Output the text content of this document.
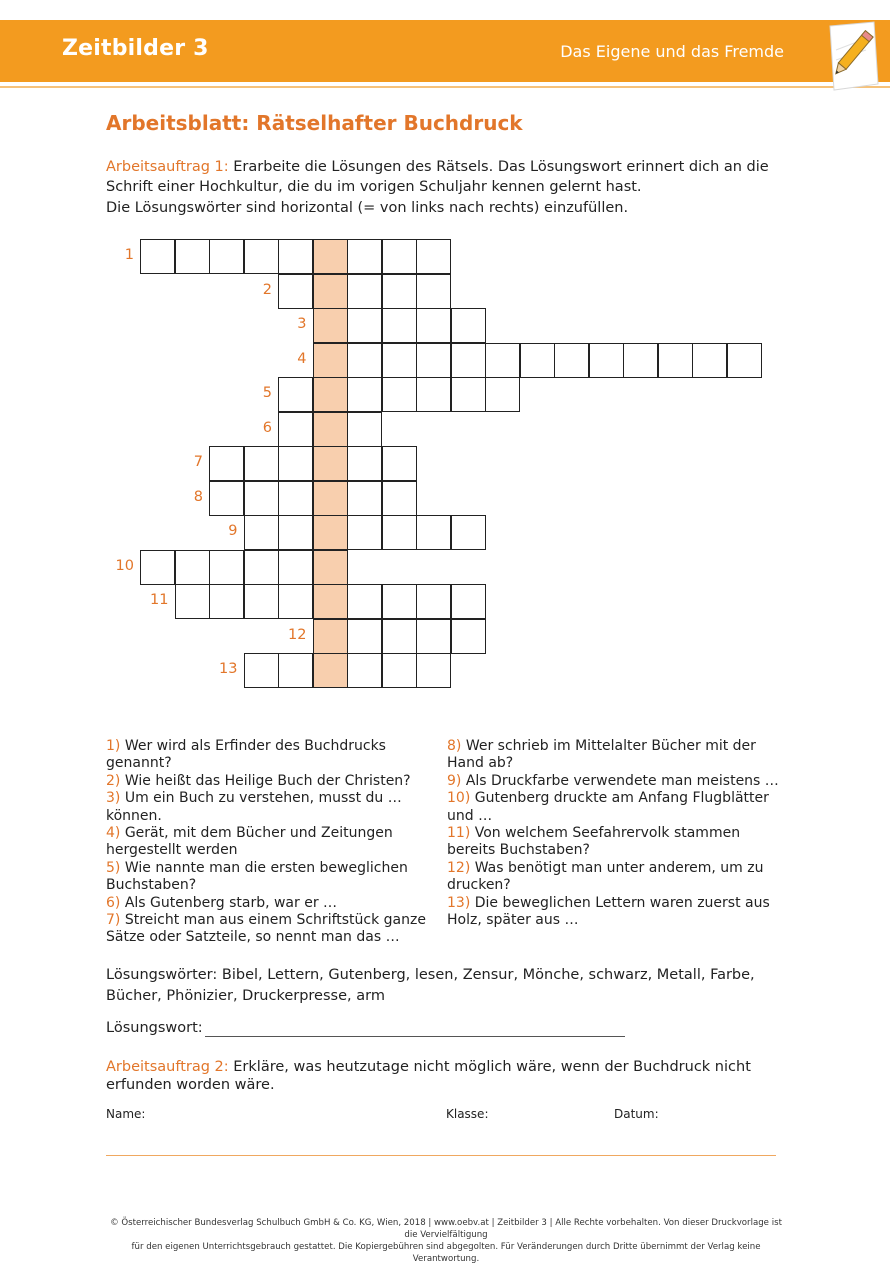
Zeitbilder 3	Das Eigene und das Fremde
Arbeitsblatt: Rätselhafter Buchdruck
Arbeitsauftrag 1: Erarbeite die Lösungen des Rätsels. Das Lösungswort erinnert dich an die Schrift einer Hochkultur, die du im vorigen Schuljahr kennen gelernt hast.
Die Lösungswörter sind horizontal (= von links nach rechts) einzufüllen.
1
2
3
4
5
6
7
8
9
10
11
12
13
1) Wer wird als Erfinder des Buchdrucks
genannt?
2) Wie heißt das Heilige Buch der Christen?
3) Um ein Buch zu verstehen, musst du …
können.
4) Gerät, mit dem Bücher und Zeitungen
hergestellt werden
5) Wie nannte man die ersten beweglichen
Buchstaben?
6) Als Gutenberg starb, war er …
7) Streicht man aus einem Schriftstück ganze
Sätze oder Satzteile, so nennt man das …
8) Wer schrieb im Mittelalter Bücher mit der
Hand ab?
9) Als Druckfarbe verwendete man meistens …
10) Gutenberg druckte am Anfang Flugblätter
und …
11) Von welchem Seefahrervolk stammen
bereits Buchstaben?
12) Was benötigt man unter anderem, um zu
drucken?
13) Die beweglichen Lettern waren zuerst aus
Holz, später aus …
Lösungswörter: Bibel, Lettern, Gutenberg, lesen, Zensur, Mönche, schwarz, Metall, Farbe, Bücher, Phönizier, Druckerpresse, arm
Lösungswort:
Arbeitsauftrag 2: Erkläre, was heutzutage nicht möglich wäre, wenn der Buchdruck nicht erfunden worden wäre.
Name:	Klasse:	Datum:
© Österreichischer Bundesverlag Schulbuch GmbH & Co. KG, Wien, 2018 | www.oebv.at | Zeitbilder 3 | Alle Rechte vorbehalten. Von dieser Druckvorlage ist die Vervielfältigung
für den eigenen Unterrichtsgebrauch gestattet. Die Kopiergebühren sind abgegolten. Für Veränderungen durch Dritte übernimmt der Verlag keine Verantwortung.
